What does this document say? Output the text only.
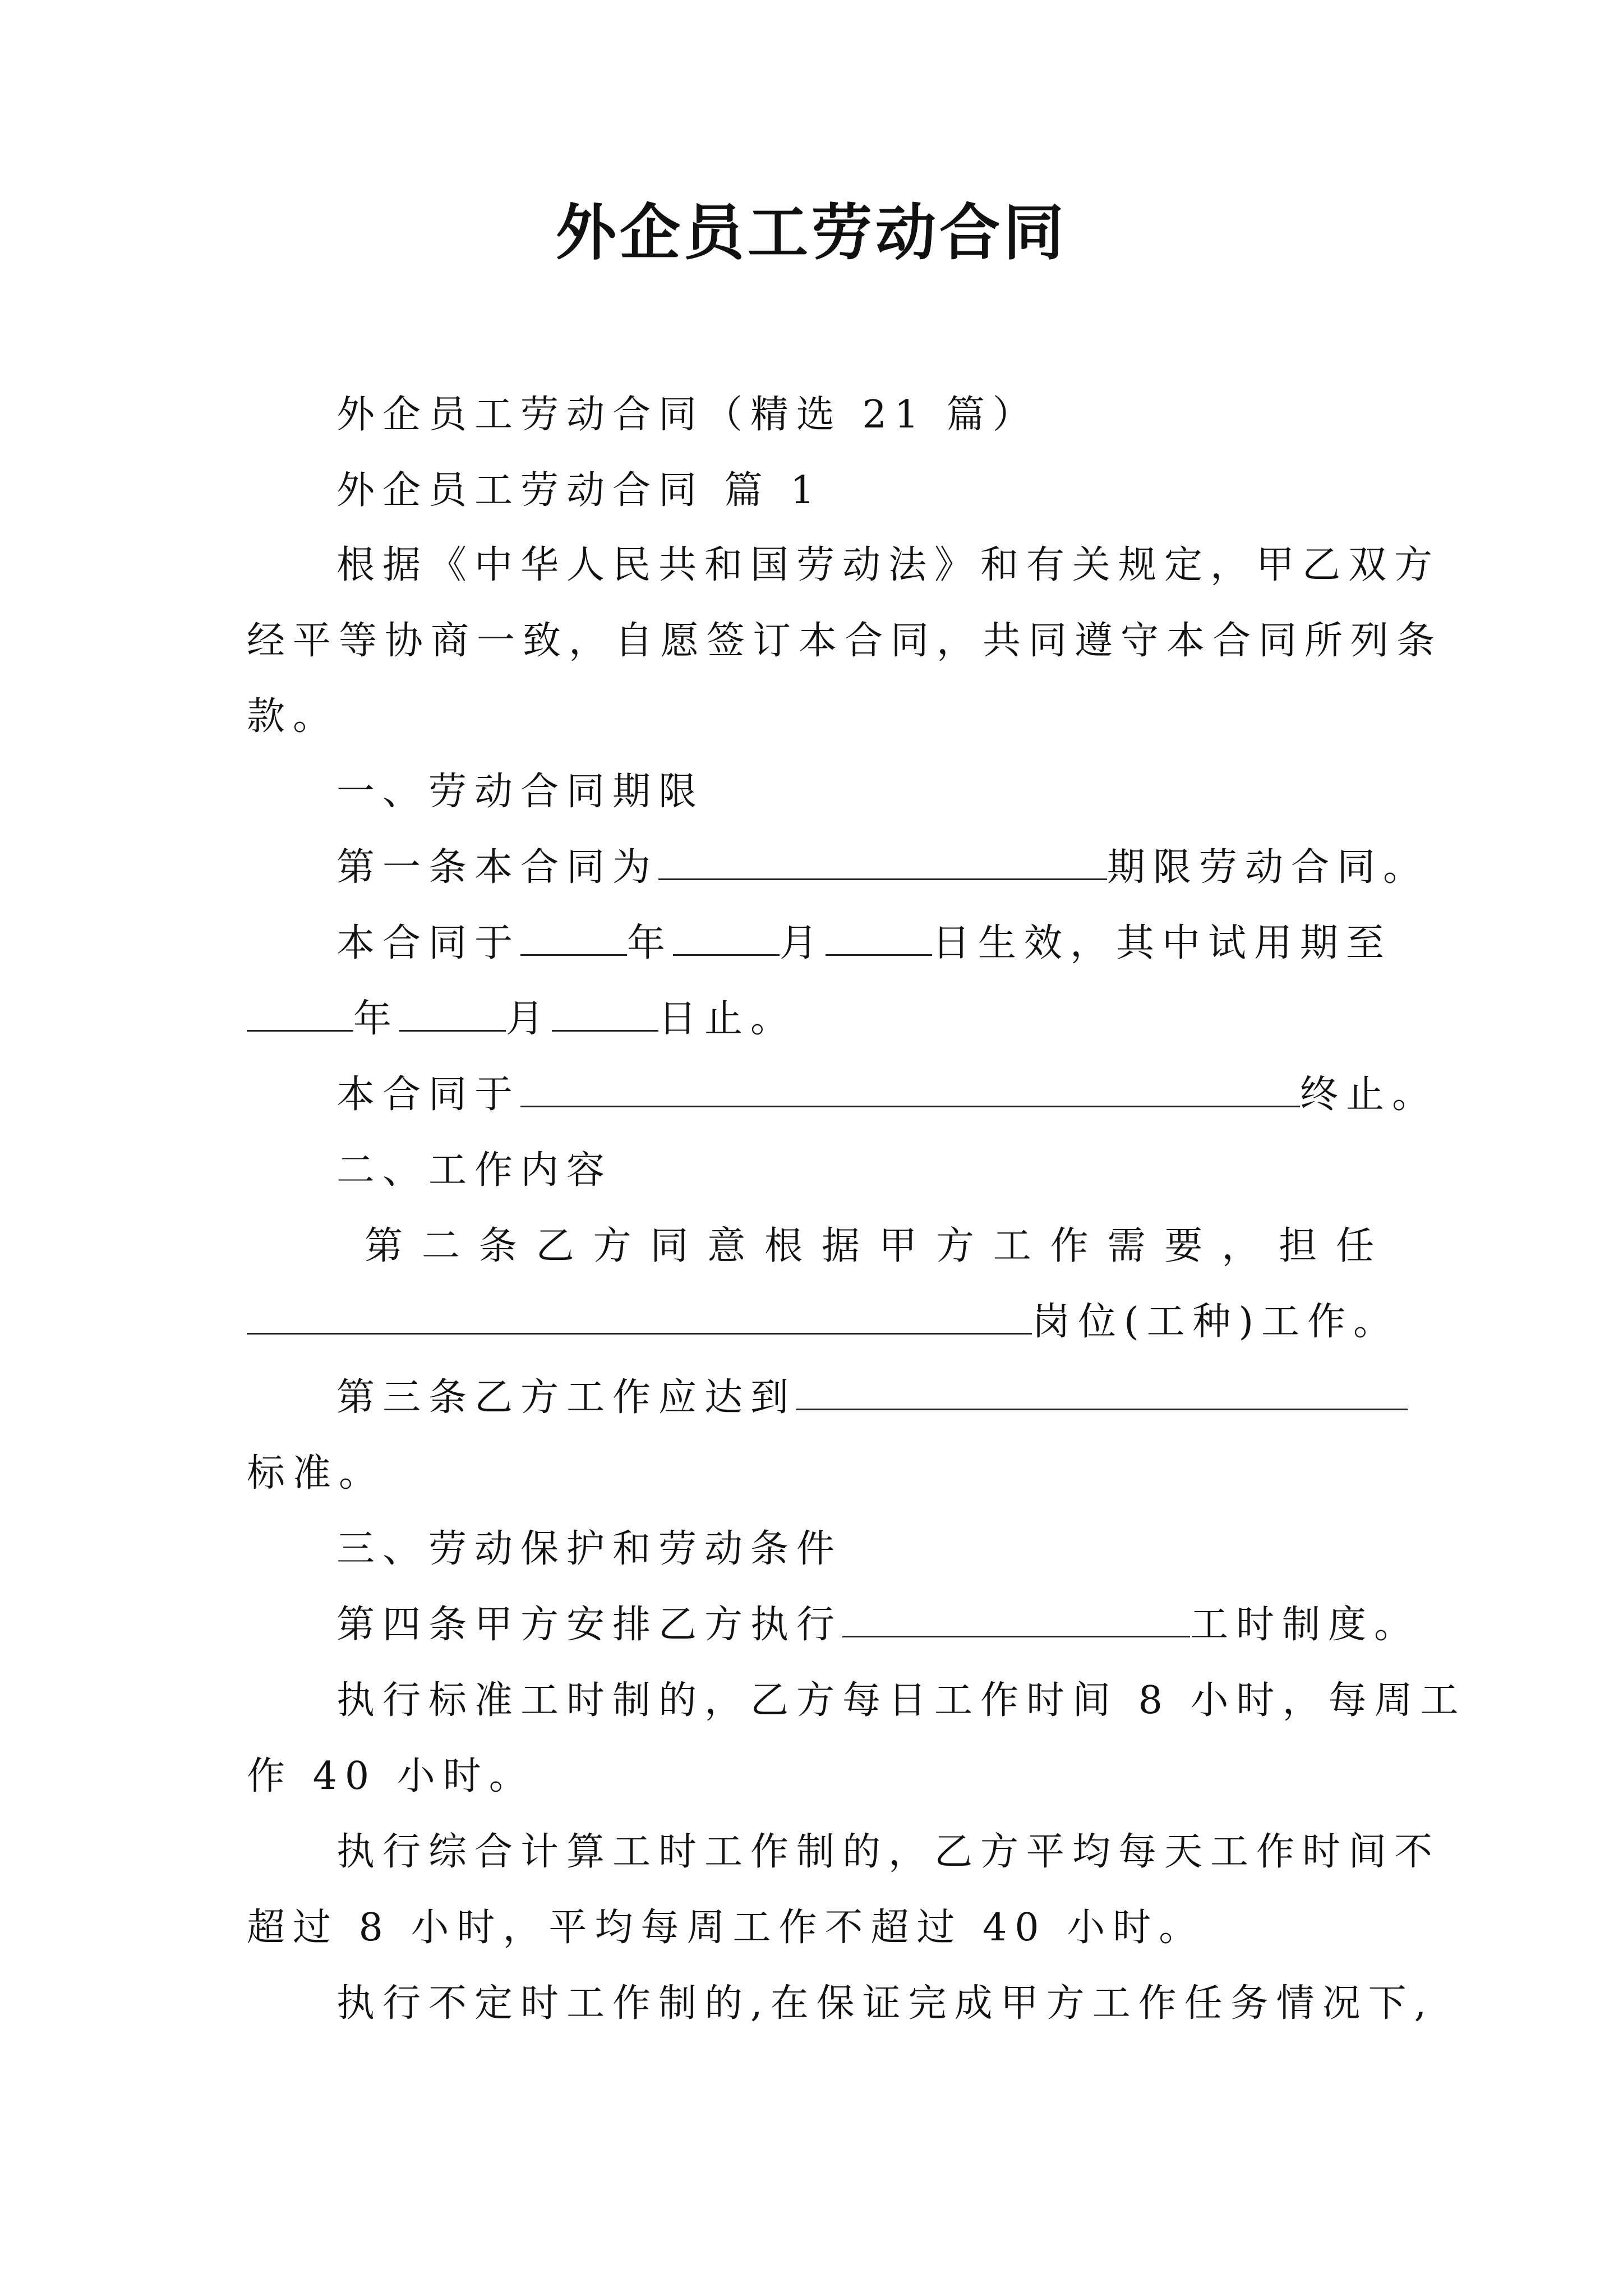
外企员工劳动合同
外企员工劳动合同（精选 21 篇）
外企员工劳动合同 篇 1
根据《中华人民共和国劳动法》和有关规定，甲乙双方
经平等协商一致，自愿签订本合同，共同遵守本合同所列条
款。
一、劳动合同期限
第一条本合同为	期限劳动合同。
本合同于	年	月	日生效，其中试用期至
年	月	日止。
本合同于	终止。
二、工作内容
第二条乙方同意根据甲方工作需要，担任
岗位(工种)工作。
第三条乙方工作应达到
标准。
三、劳动保护和劳动条件
第四条甲方安排乙方执行	工时制度。
执行标准工时制的，乙方每日工作时间 8 小时，每周工
作 40 小时。
执行综合计算工时工作制的，乙方平均每天工作时间不
超过 8 小时，平均每周工作不超过 40 小时。
执行不定时工作制的,在保证完成甲方工作任务情况下,
